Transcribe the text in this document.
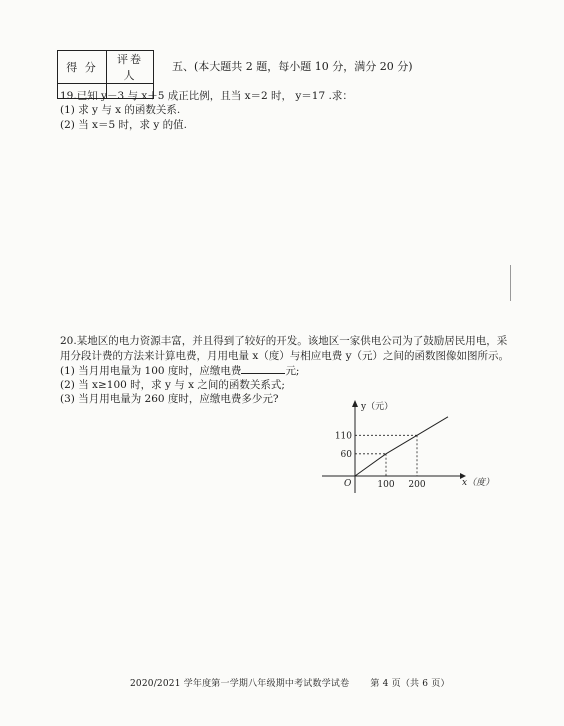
得 分	评卷人

五、(本大题共 2 题，每小题 10 分，满分 20 分)
19.已知 y－3 与 x＋5 成正比例，且当 x＝2 时， y＝17 .求：
(1) 求 y 与 x 的函数关系.
(2) 当 x＝5 时，求 y 的值.
20.某地区的电力资源丰富，并且得到了较好的开发。该地区一家供电公司为了鼓励居民用电，采
用分段计费的方法来计算电费，月用电量 x（度）与相应电费 y（元）之间的函数图像如图所示。
(1) 当月用电量为 100 度时，应缴电费	元;
(2) 当 x≥100 时，求 y 与 x 之间的函数关系式;
(3) 当月用电量为 260 度时，应缴电费多少元?
y（元）
x（度）
O	100 200
60
110
2020/2021 学年度第一学期八年级期中考试数学试卷 第 4 页（共 6 页）
